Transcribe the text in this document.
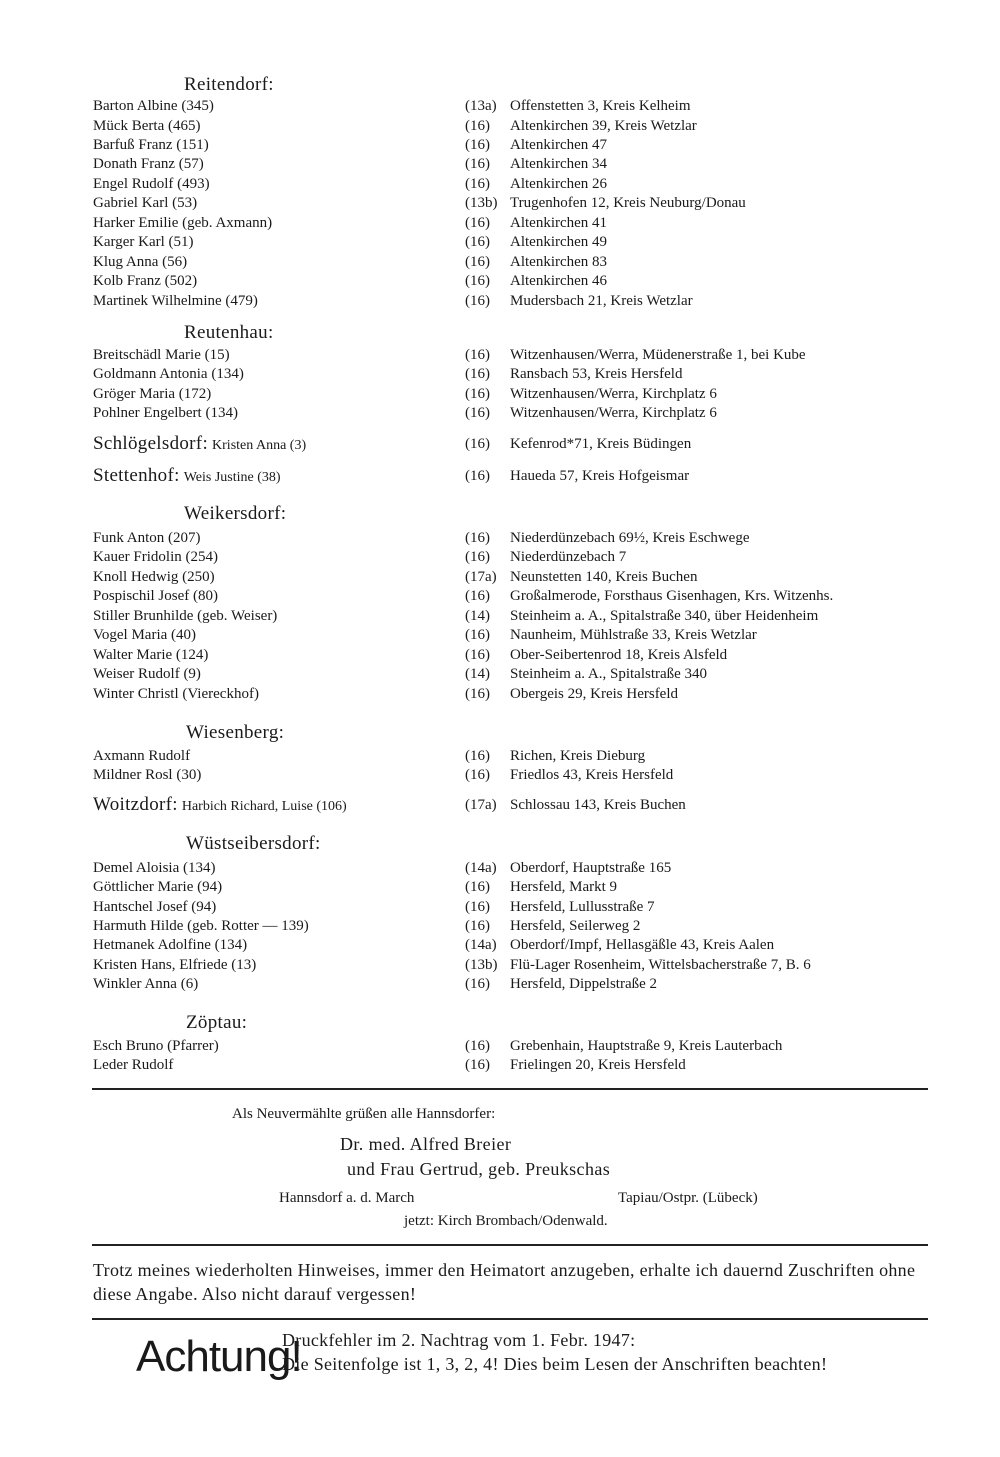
Reitendorf:
Barton Albine (345)	(13a) Offenstetten 3, Kreis Kelheim
Mück Berta (465)	(16) Altenkirchen 39, Kreis Wetzlar
Barfuß Franz (151)	(16) Altenkirchen 47
Donath Franz (57)	(16) Altenkirchen 34
Engel Rudolf (493)	(16) Altenkirchen 26
Gabriel Karl (53)	(13b) Trugenhofen 12, Kreis Neuburg/Donau
Harker Emilie (geb. Axmann)	(16) Altenkirchen 41
Karger Karl (51)	(16) Altenkirchen 49
Klug Anna (56)	(16) Altenkirchen 83
Kolb Franz (502)	(16) Altenkirchen 46
Martinek Wilhelmine (479)	(16) Mudersbach 21, Kreis Wetzlar
Reutenhau:
Breitschädl Marie (15)	(16) Witzenhausen/Werra, Müdenerstraße 1, bei Kube
Goldmann Antonia (134)	(16) Ransbach 53, Kreis Hersfeld
Gröger Maria (172)	(16) Witzenhausen/Werra, Kirchplatz 6
Pohlner Engelbert (134)	(16) Witzenhausen/Werra, Kirchplatz 6
Schlögelsdorf: Kristen Anna (3)	(16) Kefenrod*71, Kreis Büdingen
Stettenhof: Weis Justine (38)	(16) Haueda 57, Kreis Hofgeismar
Weikersdorf:
Funk Anton (207)	(16) Niederdünzebach 69½, Kreis Eschwege
Kauer Fridolin (254)	(16) Niederdünzebach 7
Knoll Hedwig (250)	(17a) Neunstetten 140, Kreis Buchen
Pospischil Josef (80)	(16) Großalmerode, Forsthaus Gisenhagen, Krs. Witzenhs.
Stiller Brunhilde (geb. Weiser)	(14) Steinheim a. A., Spitalstraße 340, über Heidenheim
Vogel Maria (40)	(16) Naunheim, Mühlstraße 33, Kreis Wetzlar
Walter Marie (124)	(16) Ober-Seibertenrod 18, Kreis Alsfeld
Weiser Rudolf (9)	(14) Steinheim a. A., Spitalstraße 340
Winter Christl (Viereckhof)	(16) Obergeis 29, Kreis Hersfeld
Wiesenberg:
Axmann Rudolf	(16) Richen, Kreis Dieburg
Mildner Rosl (30)	(16) Friedlos 43, Kreis Hersfeld
Woitzdorf: Harbich Richard, Luise (106)	(17a) Schlossau 143, Kreis Buchen
Wüstseibersdorf:
Demel Aloisia (134)	(14a) Oberdorf, Hauptstraße 165
Göttlicher Marie (94)	(16) Hersfeld, Markt 9
Hantschel Josef (94)	(16) Hersfeld, Lullusstraße 7
Harmuth Hilde (geb. Rotter — 139)	(16) Hersfeld, Seilerweg 2
Hetmanek Adolfine (134)	(14a) Oberdorf/Impf, Hellasgäßle 43, Kreis Aalen
Kristen Hans, Elfriede (13)	(13b) Flü-Lager Rosenheim, Wittelsbacherstraße 7, B. 6
Winkler Anna (6)	(16) Hersfeld, Dippelstraße 2
Zöptau:
Esch Bruno (Pfarrer)	(16) Grebenhain, Hauptstraße 9, Kreis Lauterbach
Leder Rudolf	(16) Frielingen 20, Kreis Hersfeld
Als Neuvermählte grüßen alle Hannsdorfer:
Dr. med. Alfred Breier
und Frau Gertrud, geb. Preukschas
Hannsdorf a. d. March	Tapiau/Ostpr. (Lübeck)
jetzt: Kirch Brombach/Odenwald.
Trotz meines wiederholten Hinweises, immer den Heimatort anzugeben, erhalte ich dauernd Zuschriften ohne diese Angabe. Also nicht darauf vergessen!
Achtung!
Druckfehler im 2. Nachtrag vom 1. Febr. 1947:
Die Seitenfolge ist 1, 3, 2, 4! Dies beim Lesen der Anschriften beachten!
